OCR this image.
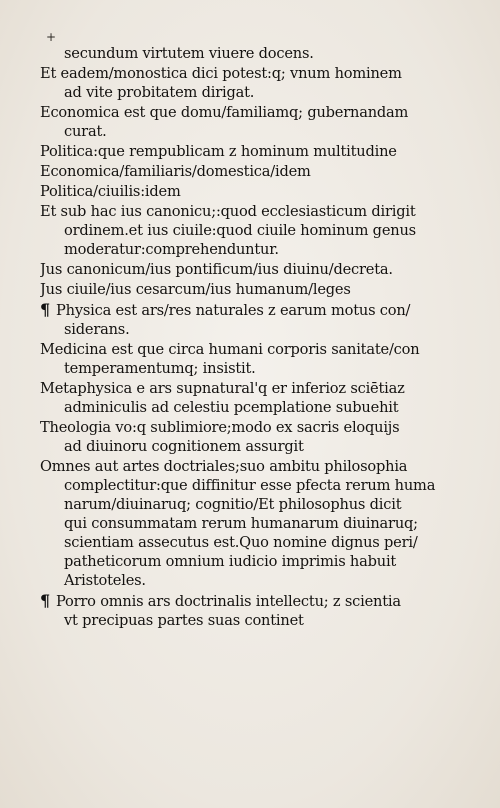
+
secundum virtutem viuere docens.
Et eadem/monostica dici potest:q; vnum hominem
ad vite probitatem dirigat.
Economica est que domu/familiamq; gubernandam
curat.
Politica:que rempublicam z hominum multitudine
Economica/familiaris/domestica/idem
Politica/ciuilis:idem
Et sub hac ius canonicu;:quod ecclesiasticum dirigit
ordinem.et ius ciuile:quod ciuile hominum genus
moderatur:comprehenduntur.
Jus canonicum/ius pontificum/ius diuinu/decreta.
Jus ciuile/ius cesarcum/ius humanum/leges
¶ Physica est ars/res naturales z earum motus con/
siderans.
Medicina est que circa humani corporis sanitate/con
temperamentumq; insistit.
Metaphysica e ars supnatural'q er inferioz sciētiaz
adminiculis ad celestiu pcemplatione subuehit
Theologia vo:q sublimiore;modo ex sacris eloquijs
ad diuinoru cognitionem assurgit
Omnes aut artes doctriales;suo ambitu philosophia
complectitur:que diffinitur esse pfecta rerum huma
narum/diuinaruq; cognitio/Et philosophus dicit
qui consummatam rerum humanarum diuinaruq;
scientiam assecutus est.Quo nomine dignus peri/
patheticorum omnium iudicio imprimis habuit
Aristoteles.
¶ Porro omnis ars doctrinalis intellectu; z scientia
vt precipuas partes suas continet
